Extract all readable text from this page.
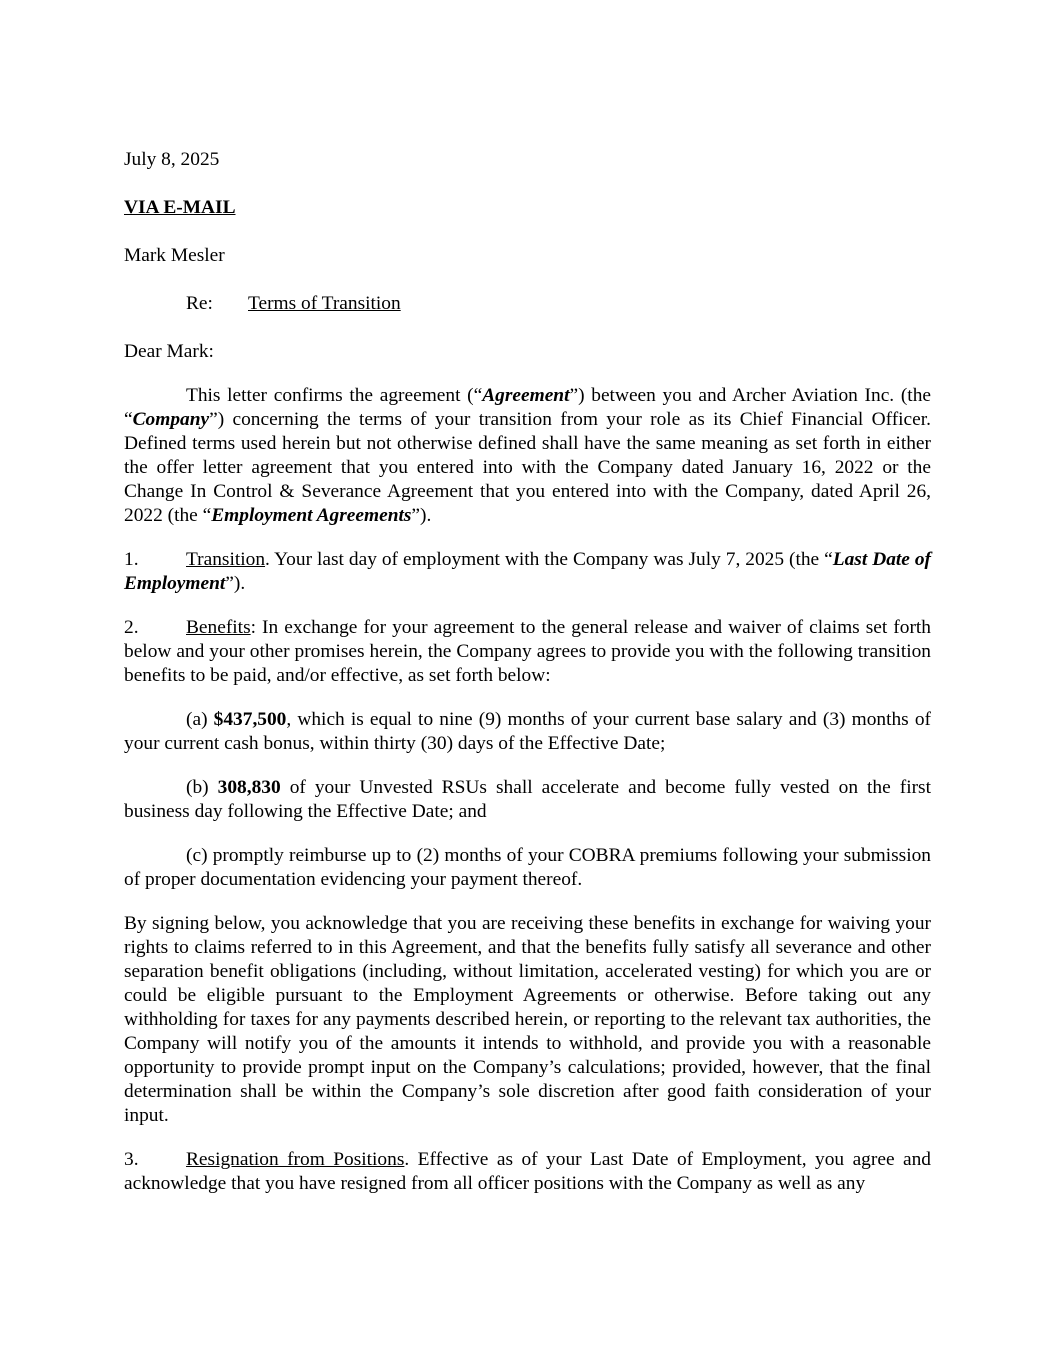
July 8, 2025

VIA E-MAIL

Mark Mesler

Re: Terms of Transition

Dear Mark:

This letter confirms the agreement (“Agreement”) between you and Archer Aviation Inc. (the “Company”) concerning the terms of your transition from your role as its Chief Financial Officer. Defined terms used herein but not otherwise defined shall have the same meaning as set forth in either the offer letter agreement that you entered into with the Company dated January 16, 2022 or the Change In Control & Severance Agreement that you entered into with the Company, dated April 26, 2022 (the “Employment Agreements”).

1. Transition. Your last day of employment with the Company was July 7, 2025 (the “Last Date of Employment”).

2. Benefits: In exchange for your agreement to the general release and waiver of claims set forth below and your other promises herein, the Company agrees to provide you with the following transition benefits to be paid, and/or effective, as set forth below:

(a) $437,500, which is equal to nine (9) months of your current base salary and (3) months of your current cash bonus, within thirty (30) days of the Effective Date;

(b) 308,830 of your Unvested RSUs shall accelerate and become fully vested on the first business day following the Effective Date; and

(c) promptly reimburse up to (2) months of your COBRA premiums following your submission of proper documentation evidencing your payment thereof.

By signing below, you acknowledge that you are receiving these benefits in exchange for waiving your rights to claims referred to in this Agreement, and that the benefits fully satisfy all severance and other separation benefit obligations (including, without limitation, accelerated vesting) for which you are or could be eligible pursuant to the Employment Agreements or otherwise. Before taking out any withholding for taxes for any payments described herein, or reporting to the relevant tax authorities, the Company will notify you of the amounts it intends to withhold, and provide you with a reasonable opportunity to provide prompt input on the Company’s calculations; provided, however, that the final determination shall be within the Company’s sole discretion after good faith consideration of your input.

3. Resignation from Positions. Effective as of your Last Date of Employment, you agree and acknowledge that you have resigned from all officer positions with the Company as well as any
